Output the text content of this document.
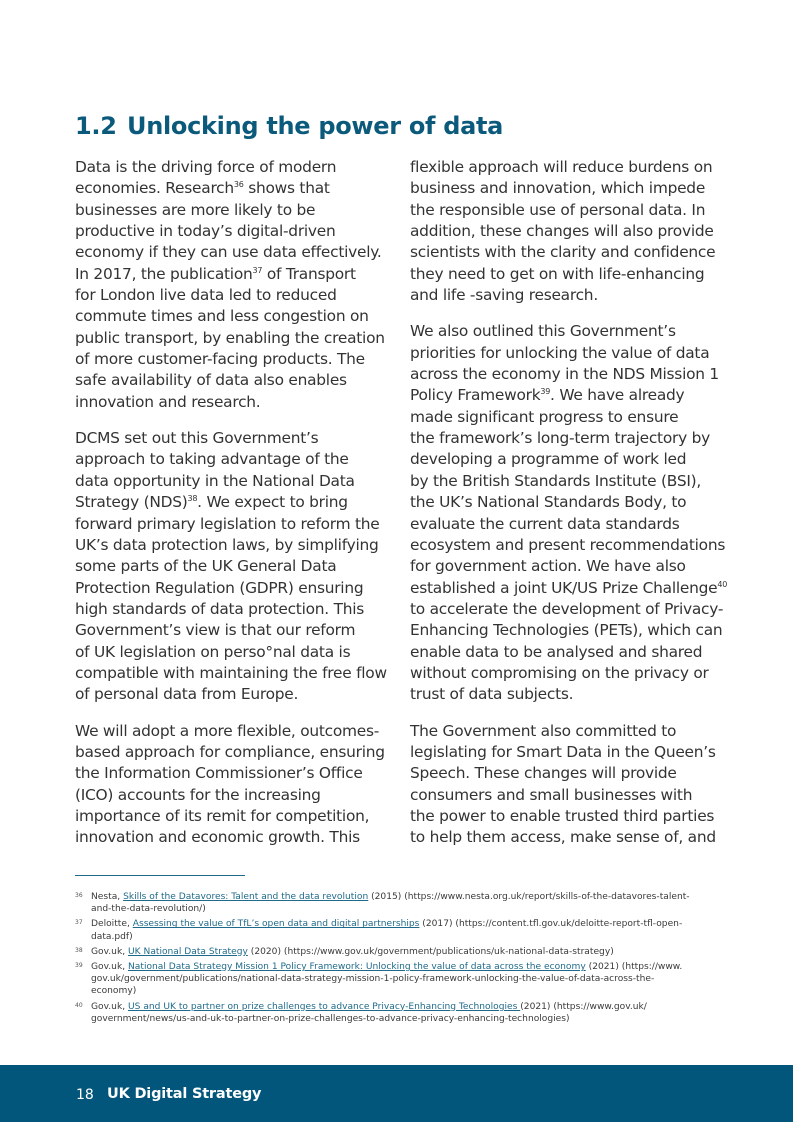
1.2 Unlocking the power of data

Data is the driving force of modern
economies. Research$^{36}$ shows that
businesses are more likely to be
productive in today’s digital-driven
economy if they can use data effectively.
In 2017, the publication$^{37}$ of Transport
for London live data led to reduced
commute times and less congestion on
public transport, by enabling the creation
of more customer-facing products. The
safe availability of data also enables
innovation and research.

DCMS set out this Government’s
approach to taking advantage of the
data opportunity in the National Data
Strategy (NDS)$^{38}$. We expect to bring
forward primary legislation to reform the
UK’s data protection laws, by simplifying
some parts of the UK General Data
Protection Regulation (GDPR) ensuring
high standards of data protection. This
Government’s view is that our reform
of UK legislation on perso°nal data is
compatible with maintaining the free flow
of personal data from Europe.

We will adopt a more flexible, outcomes-
based approach for compliance, ensuring
the Information Commissioner’s Office
(ICO) accounts for the increasing
importance of its remit for competition,
innovation and economic growth. This

flexible approach will reduce burdens on
business and innovation, which impede
the responsible use of personal data. In
addition, these changes will also provide
scientists with the clarity and confidence
they need to get on with life-enhancing
and life -saving research.

We also outlined this Government’s
priorities for unlocking the value of data
across the economy in the NDS Mission 1
Policy Framework$^{39}$. We have already
made significant progress to ensure
the framework’s long-term trajectory by
developing a programme of work led
by the British Standards Institute (BSI),
the UK’s National Standards Body, to
evaluate the current data standards
ecosystem and present recommendations
for government action. We have also
established a joint UK/US Prize Challenge$^{40}$
to accelerate the development of Privacy-
Enhancing Technologies (PETs), which can
enable data to be analysed and shared
without compromising on the privacy or
trust of data subjects.

The Government also committed to
legislating for Smart Data in the Queen’s
Speech. These changes will provide
consumers and small businesses with
the power to enable trusted third parties
to help them access, make sense of, and

36 Nesta, Skills of the Datavores: Talent and the data revolution (2015) (https://www.nesta.org.uk/report/skills-of-the-datavores-talent-
and-the-data-revolution/)
37 Deloitte, Assessing the value of TfL’s open data and digital partnerships (2017) (https://content.tfl.gov.uk/deloitte-report-tfl-open-
data.pdf)
38 Gov.uk, UK National Data Strategy (2020) (https://www.gov.uk/government/publications/uk-national-data-strategy)
39 Gov.uk, National Data Strategy Mission 1 Policy Framework: Unlocking the value of data across the economy (2021) (https://www.
gov.uk/government/publications/national-data-strategy-mission-1-policy-framework-unlocking-the-value-of-data-across-the-
economy)
40 Gov.uk, US and UK to partner on prize challenges to advance Privacy-Enhancing Technologies (2021) (https://www.gov.uk/
government/news/us-and-uk-to-partner-on-prize-challenges-to-advance-privacy-enhancing-technologies)
18 UK Digital Strategy
